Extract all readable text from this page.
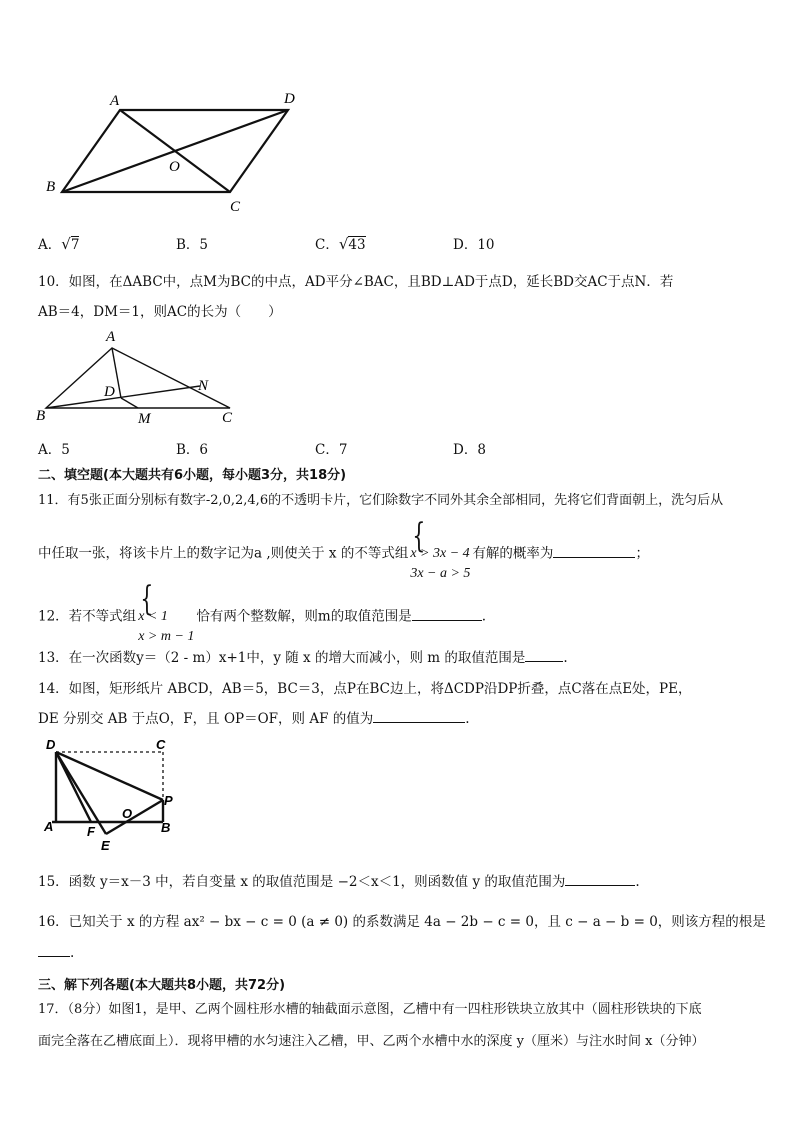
A	D
B
C
O
A．√7	B．5	C．√43	D．10
10．如图，在ΔABC中，点M为BC的中点，AD平分∠BAC，且BD⊥AD于点D，延长BD交AC于点N．若
AB＝4，DM＝1，则AC的长为（　　）
A
B	C
D
M
N
A．5	B．6	C．7	D．8
二、填空题(本大题共有6小题，每小题3分，共18分)
11．有5张正面分别标有数字-2,0,2,4,6的不透明卡片，它们除数字不同外其余全部相同，先将它们背面朝上，洗匀后从
中任取一张，将该卡片上的数字记为a ,则使关于 x 的不等式组 {
x > 3x − 4
3x − a > 5
有解的概率为	；
12．若不等式组 {
x < 1
x > m − 1
恰有两个整数解，则m的取值范围是	.
13．在一次函数y＝（2 - m）x+1中，y 随 x 的增大而减小，则 m 的取值范围是	.
14．如图，矩形纸片 ABCD，AB＝5，BC＝3，点P在BC边上，将ΔCDP沿DP折叠，点C落在点E处，PE，
DE 分别交 AB 于点O，F，且 OP＝OF，则 AF 的值为	.
D	C
A	B
P
O
F
E
15．函数 y＝x－3 中，若自变量 x 的取值范围是 −2＜x＜1，则函数值 y 的取值范围为	.
16．已知关于 x 的方程 ax² − bx − c = 0 (a ≠ 0) 的系数满足 4a − 2b − c = 0，且 c − a − b = 0，则该方程的根是
.
三、解下列各题(本大题共8小题，共72分)
17．（8分）如图1，是甲、乙两个圆柱形水槽的轴截面示意图，乙槽中有一四柱形铁块立放其中（圆柱形铁块的下底
面完全落在乙槽底面上）．现将甲槽的水匀速注入乙槽，甲、乙两个水槽中水的深度 y（厘米）与注水时间 x（分钟）
